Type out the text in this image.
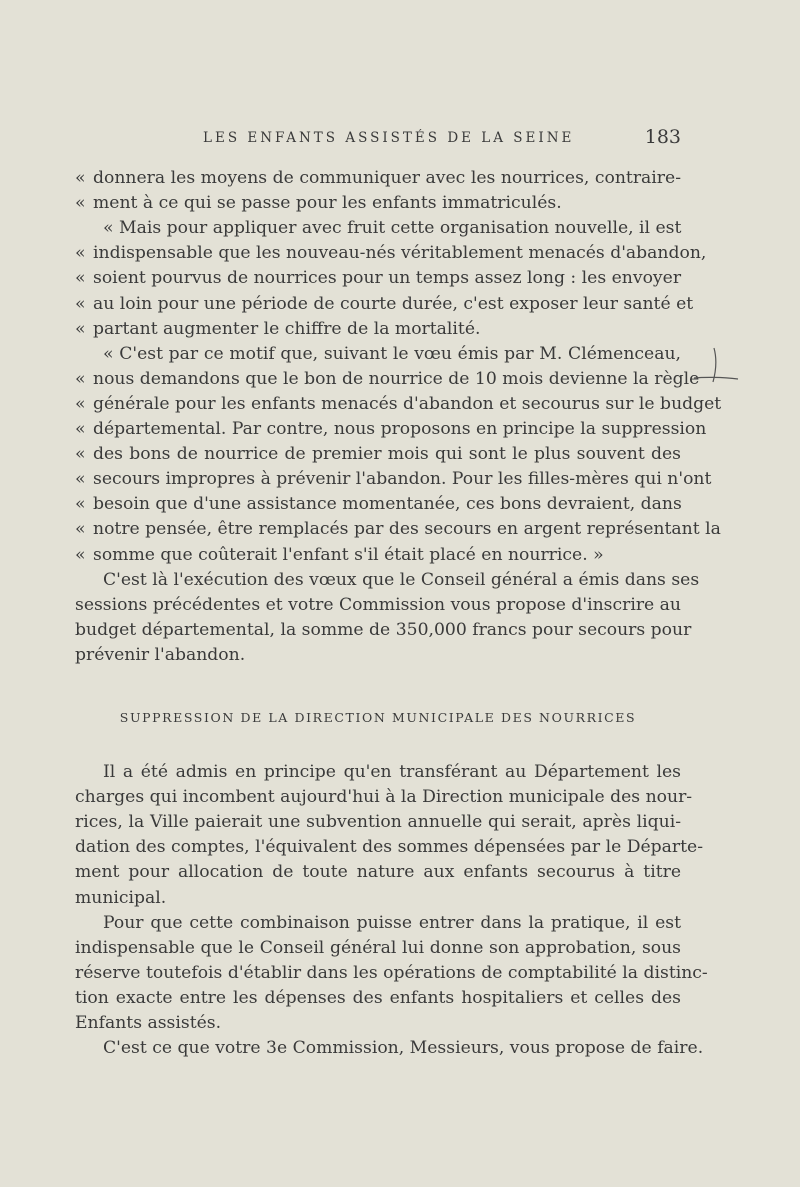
LES ENFANTS ASSISTÉS DE LA SEINE	183
« donnera les moyens de communiquer avec les nourrices, contraire-
« ment à ce qui se passe pour les enfants immatriculés.
« Mais pour appliquer avec fruit cette organisation nouvelle, il est
« indispensable que les nouveau-nés véritablement menacés d'abandon,
« soient pourvus de nourrices pour un temps assez long : les envoyer
« au loin pour une période de courte durée, c'est exposer leur santé et
« partant augmenter le chiffre de la mortalité.
« C'est par ce motif que, suivant le vœu émis par M. Clémenceau,
« nous demandons que le bon de nourrice de 10 mois devienne la règle
« générale pour les enfants menacés d'abandon et secourus sur le budget
« départemental. Par contre, nous proposons en principe la suppression
« des bons de nourrice de premier mois qui sont le plus souvent des
« secours impropres à prévenir l'abandon. Pour les filles-mères qui n'ont
« besoin que d'une assistance momentanée, ces bons devraient, dans
« notre pensée, être remplacés par des secours en argent représentant la
« somme que coûterait l'enfant s'il était placé en nourrice. »
C'est là l'exécution des vœux que le Conseil général a émis dans ses
sessions précédentes et votre Commission vous propose d'inscrire au
budget départemental, la somme de 350,000 francs pour secours pour
prévenir l'abandon.
SUPPRESSION DE LA DIRECTION MUNICIPALE DES NOURRICES
Il a été admis en principe qu'en transférant au Département les
charges qui incombent aujourd'hui à la Direction municipale des nour-
rices, la Ville paierait une subvention annuelle qui serait, après liqui-
dation des comptes, l'équivalent des sommes dépensées par le Départe-
ment pour allocation de toute nature aux enfants secourus à titre
municipal.
Pour que cette combinaison puisse entrer dans la pratique, il est
indispensable que le Conseil général lui donne son approbation, sous
réserve toutefois d'établir dans les opérations de comptabilité la distinc-
tion exacte entre les dépenses des enfants hospitaliers et celles des
Enfants assistés.
C'est ce que votre 3e Commission, Messieurs, vous propose de faire.
